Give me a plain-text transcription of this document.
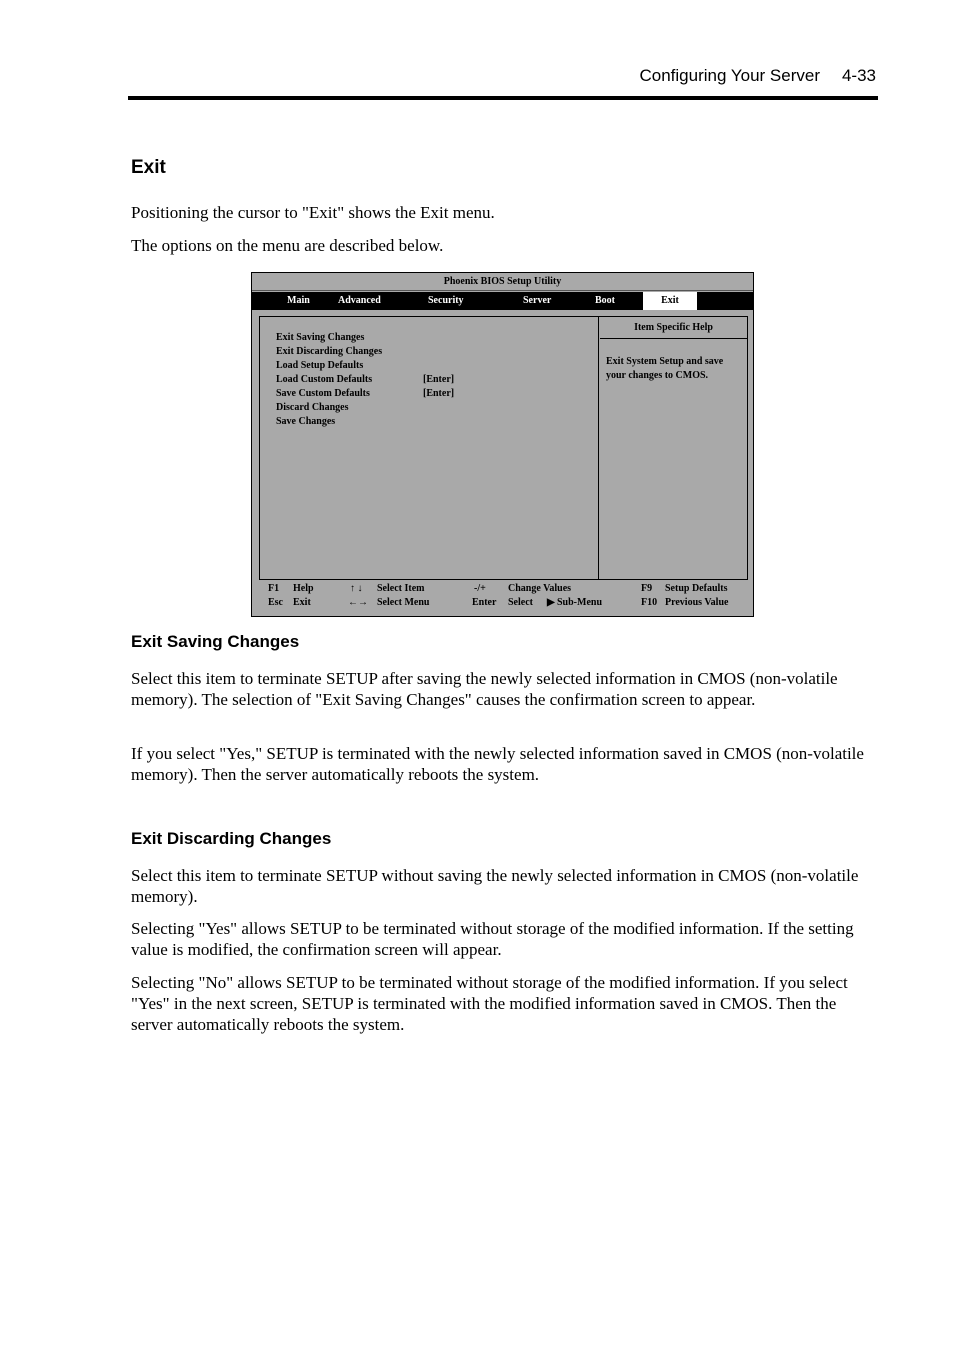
Configuring Your Server 4-33
Exit
Positioning the cursor to "Exit" shows the Exit menu.
The options on the menu are described below.
Phoenix BIOS Setup Utility
Main	Advanced	Security	Server	Boot	Exit
Exit Saving Changes
Exit Discarding Changes
Load Setup Defaults
Load Custom Defaults	[Enter]
Save Custom Defaults	[Enter]
Discard Changes
Save Changes
Item Specific Help
Exit System Setup and save your changes to CMOS.
F1 Help	↑ ↓ Select Item	-/+ Change Values	F9 Setup Defaults
Esc Exit	←→ Select Menu	Enter Select ▶ Sub-Menu	F10 Previous Value
Exit Saving Changes
Select this item to terminate SETUP after saving the newly selected information in CMOS (non-volatile memory). The selection of "Exit Saving Changes" causes the confirmation screen to appear.
If you select "Yes," SETUP is terminated with the newly selected information saved in CMOS (non-volatile memory). Then the server automatically reboots the system.
Exit Discarding Changes
Select this item to terminate SETUP without saving the newly selected information in CMOS (non-volatile memory).
Selecting "Yes" allows SETUP to be terminated without storage of the modified information. If the setting value is modified, the confirmation screen will appear.
Selecting "No" allows SETUP to be terminated without storage of the modified information. If you select "Yes" in the next screen, SETUP is terminated with the modified information saved in CMOS. Then the server automatically reboots the system.
